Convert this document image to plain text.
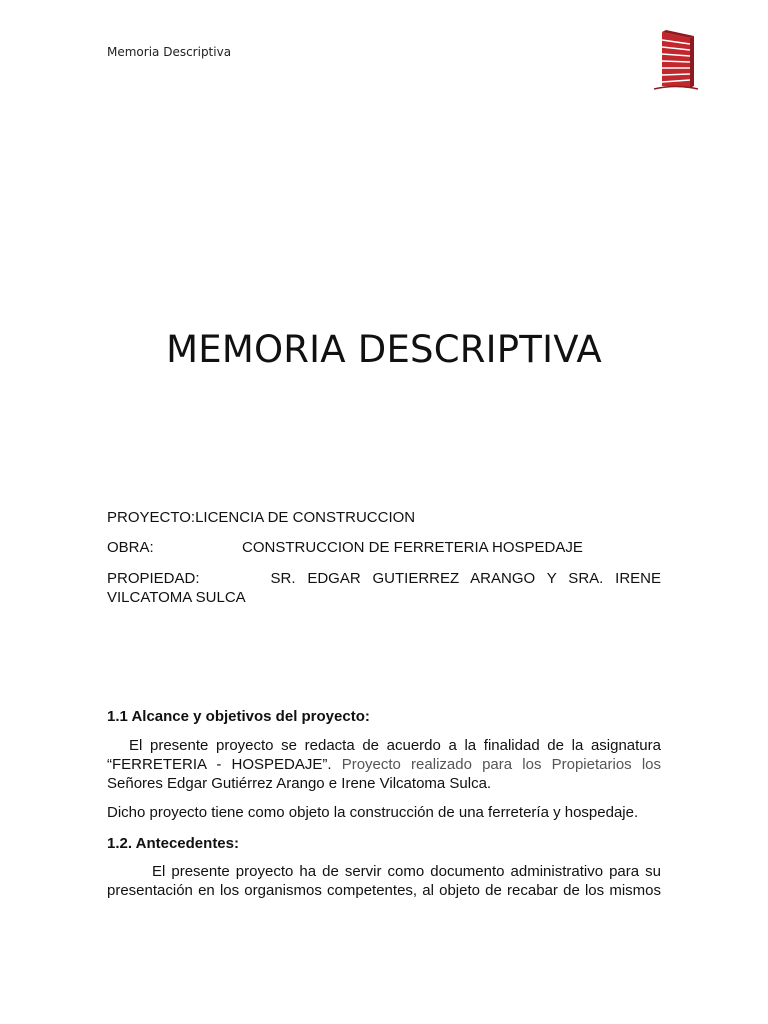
Memoria Descriptiva
MEMORIA DESCRIPTIVA
PROYECTO:LICENCIA DE CONSTRUCCION
OBRA:	CONSTRUCCION DE FERRETERIA HOSPEDAJE
PROPIEDAD:      SR. EDGAR GUTIERREZ ARANGO Y SRA. IRENE
VILCATOMA SULCA
1.1 Alcance y objetivos del proyecto:
El presente proyecto se redacta de acuerdo a la finalidad de la asignatura
“FERRETERIA - HOSPEDAJE”. Proyecto realizado para los Propietarios los
Señores Edgar Gutiérrez Arango e Irene Vilcatoma Sulca.
Dicho proyecto tiene como objeto la construcción de una ferretería y hospedaje.
1.2. Antecedentes:
El presente proyecto ha de servir como documento administrativo para su
presentación en los organismos competentes, al objeto de recabar de los mismos
